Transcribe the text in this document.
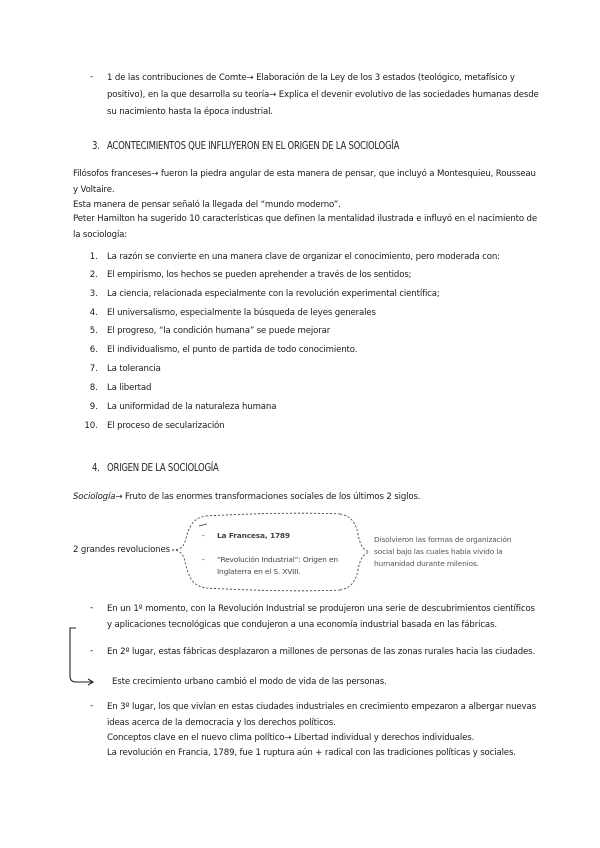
- 1 de las contribuciones de Comte→ Elaboración de la Ley de los 3 estados (teológico, metafísico y
positivo), en la que desarrolla su teoría→ Explica el devenir evolutivo de las sociedades humanas desde
su nacimiento hasta la época industrial.
3. ACONTECIMIENTOS QUE INFLUYERON EN EL ORIGEN DE LA SOCIOLOGÍA
Filósofos franceses→ fueron la piedra angular de esta manera de pensar, que incluyó a Montesquieu, Rousseau
y Voltaire.
Esta manera de pensar señaló la llegada del “mundo moderno”.
Peter Hamilton ha sugerido 10 características que definen la mentalidad ilustrada e influyó en el nacimiento de
la sociología:
1. La razón se convierte en una manera clave de organizar el conocimiento, pero moderada con:
2. El empirismo, los hechos se pueden aprehender a través de los sentidos;
3. La ciencia, relacionada especialmente con la revolución experimental científica;
4. El universalismo, especialmente la búsqueda de leyes generales
5. El progreso, “la condición humana” se puede mejorar
6. El individualismo, el punto de partida de todo conocimiento.
7. La tolerancia
8. La libertad
9. La uniformidad de la naturaleza humana
10. El proceso de secularización
4. ORIGEN DE LA SOCIOLOGÍA
Sociología→ Fruto de las enormes transformaciones sociales de los últimos 2 siglos.
2 grandes revoluciones
- La Francesa, 1789
- “Revolución Industrial”: Origen en
Inglaterra en el S. XVIII.
Disolvieron las formas de organización
social bajo las cuales había vivido la
humanidad durante milenios.
- En un 1º momento, con la Revolución Industrial se produjeron una serie de descubrimientos científicos
y aplicaciones tecnológicas que condujeron a una economía industrial basada en las fábricas.
- En 2º lugar, estas fábricas desplazaron a millones de personas de las zonas rurales hacia las ciudades.
Este crecimiento urbano cambió el modo de vida de las personas.
- En 3º lugar, los que vivían en estas ciudades industriales en crecimiento empezaron a albergar nuevas
ideas acerca de la democracia y los derechos políticos.
Conceptos clave en el nuevo clima político→ Libertad individual y derechos individuales.
La revolución en Francia, 1789, fue 1 ruptura aún + radical con las tradiciones políticas y sociales.
